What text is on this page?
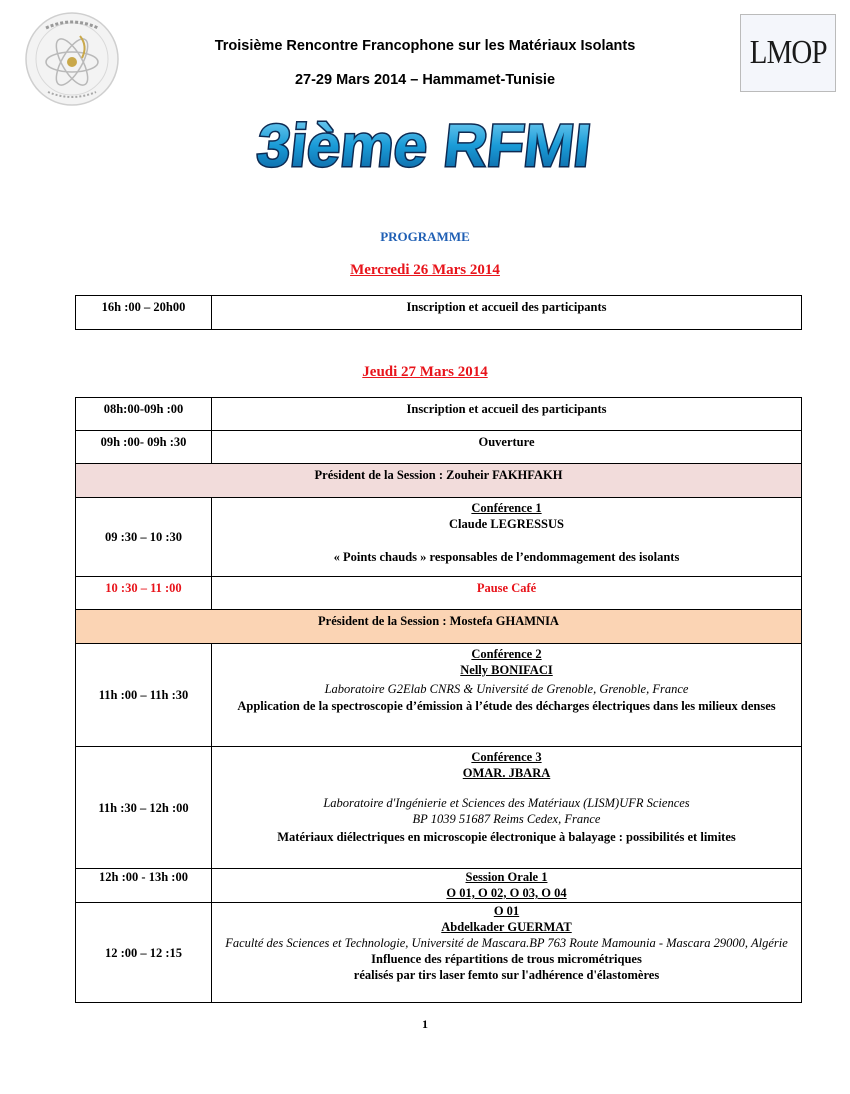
LMOP
Troisième Rencontre Francophone sur les Matériaux Isolants
27-29 Mars 2014 – Hammamet-Tunisie
3ième RFMI
PROGRAMME
Mercredi 26 Mars 2014
16h :00 – 20h00	Inscription et accueil des participants
Jeudi 27 Mars 2014
08h:00-09h :00	Inscription et accueil des participants
09h :00- 09h :30	Ouverture
Président de la Session : Zouheir FAKHFAKH	
09 :30 – 10 :30	Conférence 1
Claude LEGRESSUS
« Points chauds » responsables de l’endommagement des isolants

10 :30 – 11 :00	Pause Café
Président de la Session : Mostefa GHAMNIA	
11h :00 – 11h :30	Conférence 2
Nelly BONIFACI
Laboratoire G2Elab CNRS & Université de Grenoble, Grenoble, France
Application de la spectroscopie d’émission à l’étude des décharges électriques dans les milieux denses

11h :30 – 12h :00	Conférence 3
OMAR. JBARA
Laboratoire d'Ingénierie et Sciences des Matériaux (LISM)UFR Sciences
BP 1039 51687 Reims Cedex, France
Matériaux diélectriques en microscopie électronique à balayage : possibilités et limites

12h :00 - 13h :00	Session Orale 1
O 01, O 02, O 03, O 04

12 :00 – 12 :15	O 01
Abdelkader GUERMAT
Faculté des Sciences et Technologie, Université de Mascara.BP 763 Route Mamounia - Mascara 29000, Algérie
Influence des répartitions de trous micrométriques
réalisés par tirs laser femto sur l'adhérence d'élastomères
1
